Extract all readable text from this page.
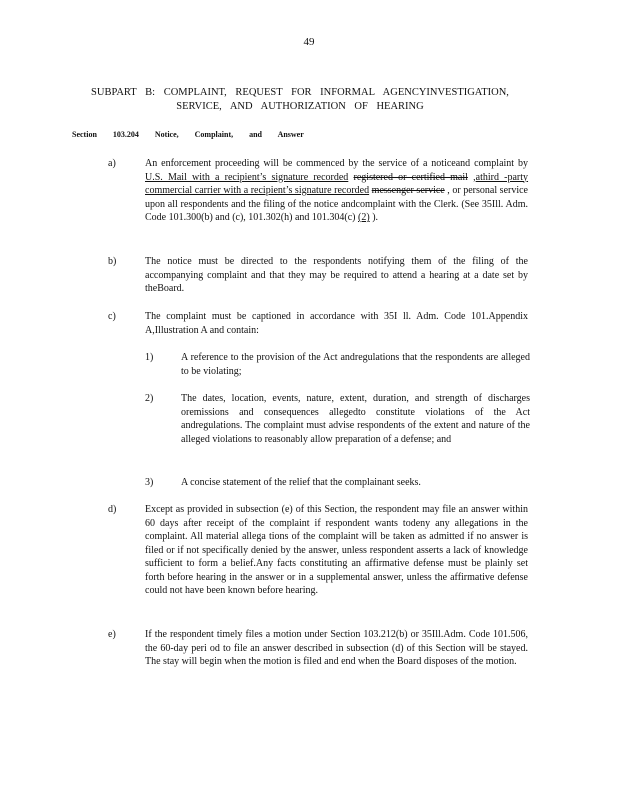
49
SUBPART B: COMPLAINT, REQUEST FOR INFORMAL AGENCYINVESTIGATION,
SERVICE, AND AUTHORIZATION OF HEARING
Section 103.204 Notice, Complaint, and Answer
a)	An enforcement proceeding will be commenced by the service of a noticeand complaint by U.S. Mail with a recipient’s signature recorded registered or certified mail ,athird -party commercial carrier with a recipient’s signature recorded messenger service , or personal service upon all respondents and the filing of the notice andcomplaint with the Clerk. (See 35Ill. Adm. Code 101.300(b) and (c), 101.302(h) and 101.304(c) (2) ).
b)	The notice must be directed to the respondents notifying them of the filing of the accompanying complaint and that they may be required to attend a hearing at a date set by theBoard.
c)	The complaint must be captioned in accordance with 35I ll. Adm. Code 101.Appendix A,Illustration A and contain:
1)	A reference to the provision of the Act andregulations that the respondents are alleged to be violating;
2)	The dates, location, events, nature, extent, duration, and strength of discharges oremissions and consequences allegedto constitute violations of the Act andregulations. The complaint must advise respondents of the extent and nature of the alleged violations to reasonably allow preparation of a defense; and
3)	A concise statement of the relief that the complainant seeks.
d)	Except as provided in subsection (e) of this Section, the respondent may file an answer within 60 days after receipt of the complaint if respondent wants todeny any allegations in the complaint. All material allega tions of the complaint will be taken as admitted if no answer is filed or if not specifically denied by the answer, unless respondent asserts a lack of knowledge sufficient to form a belief.Any facts constituting an affirmative defense must be plainly set forth before hearing in the answer or in a supplemental answer, unless the affirmative defense could not have been known before hearing.
e)	If the respondent timely files a motion under Section 103.212(b) or 35Ill.Adm. Code 101.506, the 60-day peri od to file an answer described in subsection (d) of this Section will be stayed. The stay will begin when the motion is filed and end when the Board disposes of the motion.
